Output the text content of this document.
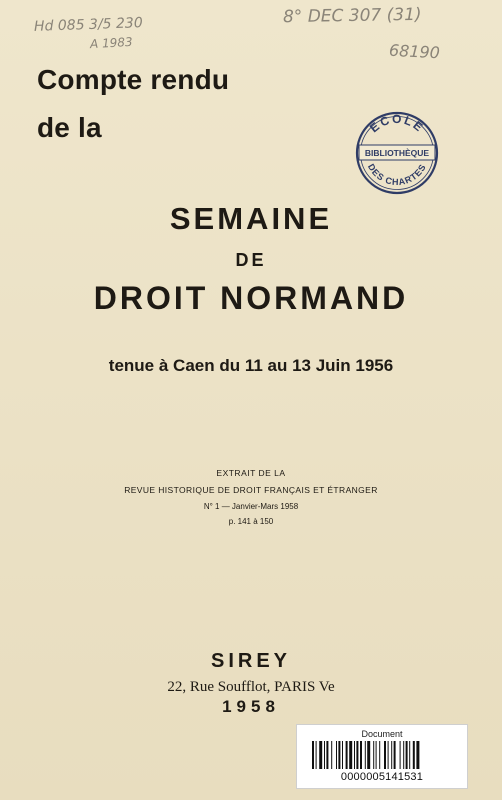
Hd 085 3/5 230
A 1983
8° DEC 307 (31)
68190
Compte rendu
de la	ECOLE
BIBLIOTHÈQUE
DES CHARTES
SEMAINE
DE
DROIT NORMAND
tenue à Caen du 11 au 13 Juin 1956
EXTRAIT DE LA
REVUE HISTORIQUE DE DROIT FRANÇAIS ET ÉTRANGER
N° 1 — Janvier-Mars 1958
p. 141 à 150
SIREY
22, Rue Soufflot, PARIS Ve
1958
Document
0000005141531
